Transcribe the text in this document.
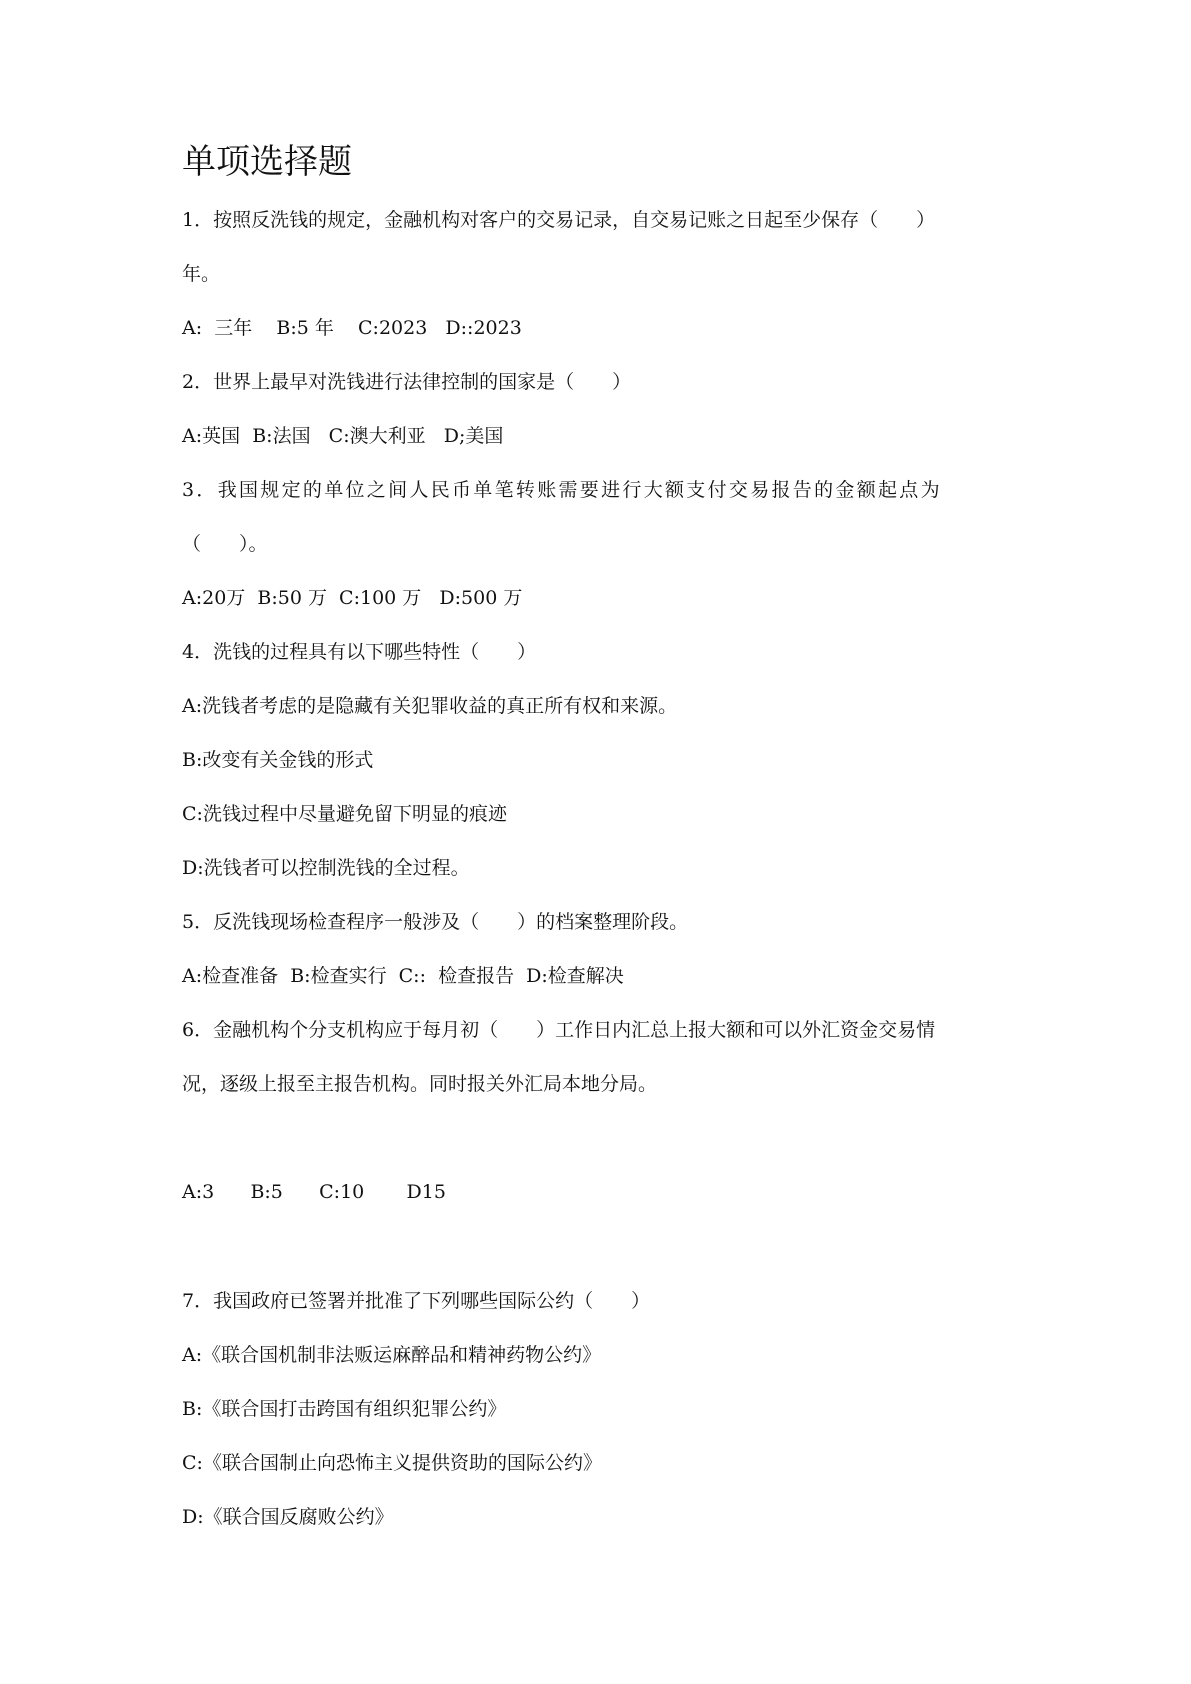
单项选择题
1．按照反洗钱的规定，金融机构对客户的交易记录，自交易记账之日起至少保存（　　）
年。
A:  三年    B:5 年    C:2023   D::2023
2．世界上最早对洗钱进行法律控制的国家是（　　）
A:英国  B:法国   C:澳大利亚   D;美国
3．我国规定的单位之间人民币单笔转账需要进行大额支付交易报告的金额起点为
（　　）。
A:20万  B:50 万  C:100 万   D:500 万
4．洗钱的过程具有以下哪些特性（　　）
A:洗钱者考虑的是隐藏有关犯罪收益的真正所有权和来源。
B:改变有关金钱的形式
C:洗钱过程中尽量避免留下明显的痕迹
D:洗钱者可以控制洗钱的全过程。
5．反洗钱现场检查程序一般涉及（　　）的档案整理阶段。
A:检查准备  B:检查实行  C::  检查报告  D:检查解决
6．金融机构个分支机构应于每月初（　　）工作日内汇总上报大额和可以外汇资金交易情
况，逐级上报至主报告机构。同时报关外汇局本地分局。
A:3      B:5      C:10       D15
7．我国政府已签署并批准了下列哪些国际公约（　　）
A:《联合国机制非法贩运麻醉品和精神药物公约》
B:《联合国打击跨国有组织犯罪公约》
C:《联合国制止向恐怖主义提供资助的国际公约》
D:《联合国反腐败公约》
